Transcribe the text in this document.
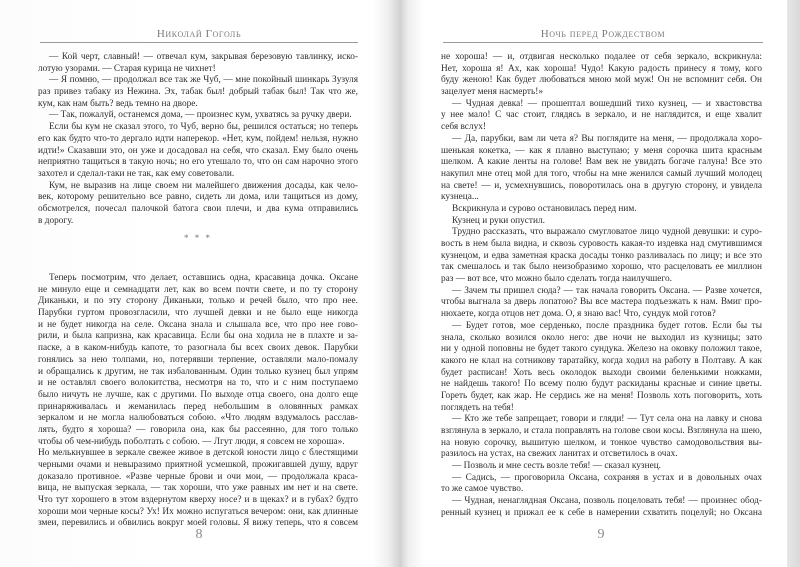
Николай Гоголь
— Кой черт, славный! — отвечал кум, закрывая березовую тавлинку, иско-
лотую узорами. — Старая курица не чихнет!
— Я помню, — продолжал все так же Чуб, — мне покойный шинкарь Зузуля
раз привез табаку из Нежина. Эх, табак был! добрый табак был! Так что же,
кум, как нам быть? ведь темно на дворе.
— Так, пожалуй, останемся дома, — произнес кум, ухватясь за ручку двери.
Если бы кум не сказал этого, то Чуб, верно бы, решился остаться; но теперь
его как будто что-то дергало идти наперекор. «Нет, кум, пойдем! нельзя, нужно
идти!» Сказавши это, он уже и досадовал на себя, что сказал. Ему было очень
неприятно тащиться в такую ночь; но его утешало то, что он сам нарочно этого
захотел и сделал-таки не так, как ему советовали.
Кум, не выразив на лице своем ни малейшего движения досады, как чело-
век, которому решительно все равно, сидеть ли дома, или тащиться из дому,
обсмотрелся, почесал палочкой батога свои плечи, и два кума отправились
в дорогу.
* * *
Теперь посмотрим, что делает, оставшись одна, красавица дочка. Оксане
не минуло еще и семнадцати лет, как во всем почти свете, и по ту сторону
Диканьки, и по эту сторону Диканьки, только и речей было, что про нее.
Парубки гуртом провозгласили, что лучшей девки и не было еще никогда
и не будет никогда на селе. Оксана знала и слышала все, что про нее гово-
рили, и была капризна, как красавица. Если бы она ходила не в плахте и за-
паске, а в каком-нибудь капоте, то разогнала бы всех своих девок. Парубки
гонялись за нею толпами, но, потерявши терпение, оставляли мало-помалу
и обращались к другим, не так избалованным. Один только кузнец был упрям
и не оставлял своего волокитства, несмотря на то, что и с ним поступаемо
было ничуть не лучше, как с другими. По выходе отца своего, она долго еще
принаряживалась и жеманилась перед небольшим в оловянных рамках
зеркалом и не могла налюбоваться собою. «Что людям вздумалось расслав-
лять, будто я хороша? — говорила она, как бы рассеянно, для того только
чтобы об чем-нибудь поболтать с собою. — Лгут люди, я совсем не хороша».
Но мелькнувшее в зеркале свежее живое в детской юности лицо с блестящими
черными очами и невыразимо приятной усмешкой, прожигавшей душу, вдруг
доказало противное. «Разве черные брови и очи мои, — продолжала краса-
вица, не выпуская зеркала, — так хороши, что уже равных им нет и на свете.
Что тут хорошего в этом вздернутом кверху носе? и в щеках? и в губах? будто
хороши мои черные косы? Ух! Их можно испугаться вечером: они, как длинные
змеи, перевились и обвились вокруг моей головы. Я вижу теперь, что я совсем
8
Ночь перед Рождеством
не хороша! — и, отдвигая несколько подалее от себя зеркало, вскрикнула:
Нет, хороша я! Ах, как хороша! Чудо! Какую радость принесу я тому, кого
буду женою! Как будет любоваться мною мой муж! Он не вспомнит себя. Он
зацелует меня насмерть!»
— Чудная девка! — прошептал вошедший тихо кузнец, — и хвастовства
у нее мало! С час стоит, глядясь в зеркало, и не наглядится, и еще хвалит
себя вслух!
— Да, парубки, вам ли чета я? Вы поглядите на меня, — продолжала хоро-
шенькая кокетка, — как я плавно выступаю; у меня сорочка шита красным
шелком. А какие ленты на голове! Вам век не увидать богаче галуна! Все это
накупил мне отец мой для того, чтобы на мне женился самый лучший молодец
на свете! — и, усмехнувшись, поворотилась она в другую сторону, и увидела
кузнеца...
Вскрикнула и сурово остановилась перед ним.
Кузнец и руки опустил.
Трудно рассказать, что выражало смугловатое лицо чудной девушки: и суро-
вость в нем была видна, и сквозь суровость какая-то издевка над смутившимся
кузнецом, и едва заметная краска досады тонко разливалась по лицу; и все это
так смешалось и так было неизобразимо хорошо, что расцеловать ее миллион
раз — вот все, что можно было сделать тогда наилучшего.
— Зачем ты пришел сюда? — так начала говорить Оксана. — Разве хочется,
чтобы выгнала за дверь лопатою? Вы все мастера подъезжать к нам. Вмиг про-
нюхаете, когда отцов нет дома. О, я знаю вас! Что, сундук мой готов?
— Будет готов, мое серденько, после праздника будет готов. Если бы ты
знала, сколько возился около него: две ночи не выходил из кузницы; зато
ни у одной поповны не будет такого сундука. Железо на оковку положил такое,
какого не клал на сотникову таратайку, когда ходил на работу в Полтаву. А как
будет расписан! Хоть весь околодок выходи своими беленькими ножками,
не найдешь такого! По всему полю будут раскиданы красные и синие цветы.
Гореть будет, как жар. Не сердись же на меня! Позволь хоть поговорить, хоть
поглядеть на тебя!
— Кто же тебе запрещает, говори и гляди! — Тут села она на лавку и снова
взглянула в зеркало, и стала поправлять на голове свои косы. Взглянула на шею,
на новую сорочку, вышитую шелком, и тонкое чувство самодовольствия вы-
разилось на устах, на свежих ланитах и отсветилось в очах.
— Позволь и мне сесть возле тебя! — сказал кузнец.
— Садись, — проговорила Оксана, сохраняя в устах и в довольных очах
то же самое чувство.
— Чудная, ненаглядная Оксана, позволь поцеловать тебя! — произнес обод-
ренный кузнец и прижал ее к себе в намерении схватить поцелуй; но Оксана
9
